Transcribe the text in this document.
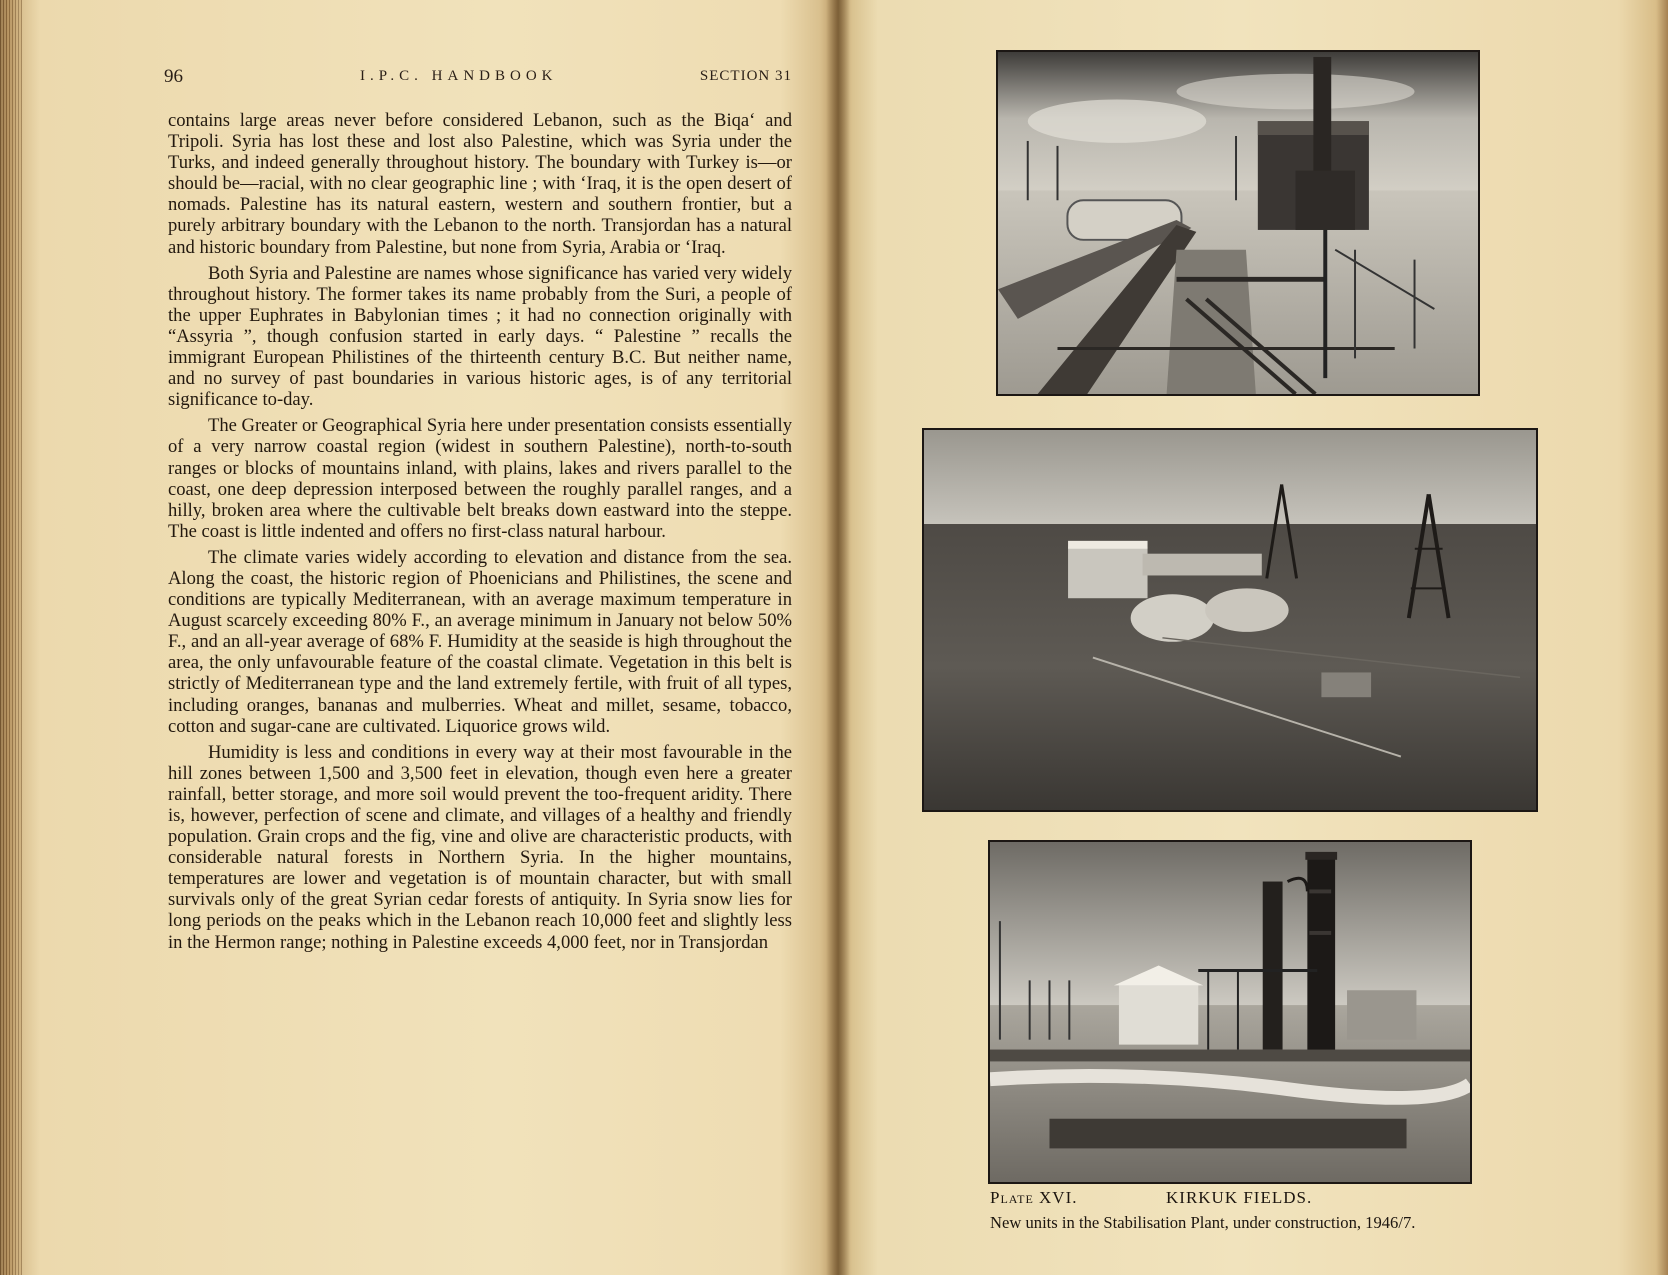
96	I.P.C. HANDBOOK	SECTION 31

contains large areas never before considered Lebanon, such as the Biqa‘ and Tripoli. Syria has lost these and lost also Palestine, which was Syria under the Turks, and indeed generally throughout history. The boundary with Turkey is—or should be—racial, with no clear geographic line ; with ‘Iraq, it is the open desert of nomads. Palestine has its natural eastern, western and southern frontier, but a purely arbitrary boundary with the Lebanon to the north. Transjordan has a natural and historic boundary from Palestine, but none from Syria, Arabia or ‘Iraq.

Both Syria and Palestine are names whose significance has varied very widely throughout history. The former takes its name probably from the Suri, a people of the upper Euphrates in Babylonian times ; it had no connection originally with “Assyria ”, though confusion started in early days. “ Palestine ” recalls the immigrant European Philistines of the thirteenth century B.C. But neither name, and no survey of past boundaries in various historic ages, is of any territorial significance to-day.

The Greater or Geographical Syria here under presentation consists essentially of a very narrow coastal region (widest in southern Palestine), north-to-south ranges or blocks of mountains inland, with plains, lakes and rivers parallel to the coast, one deep depression interposed between the roughly parallel ranges, and a hilly, broken area where the cultivable belt breaks down eastward into the steppe. The coast is little indented and offers no first-class natural harbour.

The climate varies widely according to elevation and distance from the sea. Along the coast, the historic region of Phoenicians and Philistines, the scene and conditions are typically Mediterranean, with an average maximum temperature in August scarcely exceeding 80% F., an average minimum in January not below 50% F., and an all-year average of 68% F. Humidity at the seaside is high throughout the area, the only unfavourable feature of the coastal climate. Vegetation in this belt is strictly of Mediterranean type and the land extremely fertile, with fruit of all types, including oranges, bananas and mulberries. Wheat and millet, sesame, tobacco, cotton and sugar-cane are cultivated. Liquorice grows wild.

Humidity is less and conditions in every way at their most favourable in the hill zones between 1,500 and 3,500 feet in elevation, though even here a greater rainfall, better storage, and more soil would prevent the too-frequent aridity. There is, however, perfection of scene and climate, and villages of a healthy and friendly population. Grain crops and the fig, vine and olive are characteristic products, with considerable natural forests in Northern Syria. In the higher mountains, temperatures are lower and vegetation is of mountain character, but with small survivals only of the great Syrian cedar forests of antiquity. In Syria snow lies for long periods on the peaks which in the Lebanon reach 10,000 feet and slightly less in the Hermon range; nothing in Palestine exceeds 4,000 feet, nor in Transjordan

Plate XVI.	KIRKUK FIELDS.
New units in the Stabilisation Plant, under construction, 1946/7.
